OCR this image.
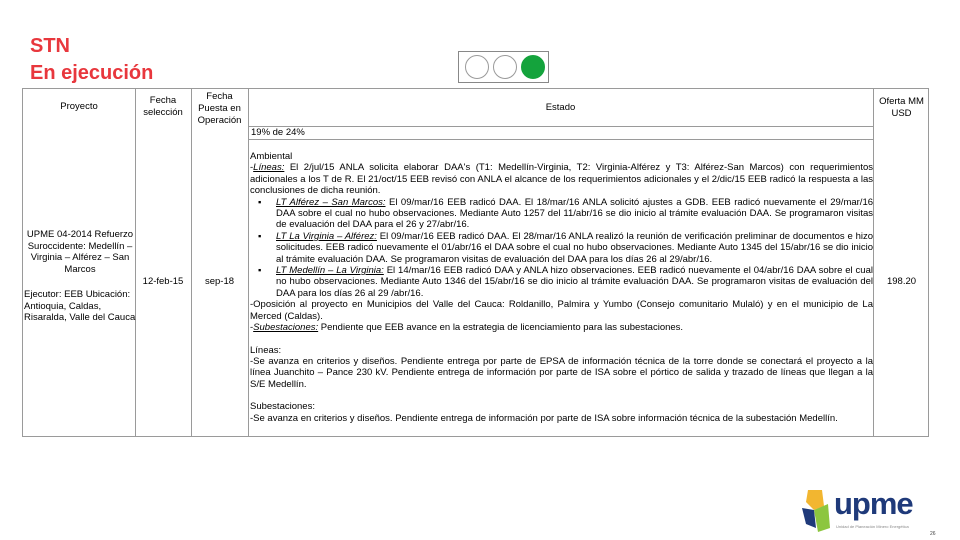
STN
En ejecución
Proyecto
Fecha selección
Fecha Puesta en Operación
Estado
Oferta MM USD
19% de 24%
UPME 04-2014 Refuerzo Suroccidente: Medellín – Virginia – Alférez – San Marcos
Ejecutor: EEB Ubicación: Antioquia, Caldas, Risaralda, Valle del Cauca
12-feb-15	sep-18	198.20

Ambiental

-Líneas: El 2/jul/15 ANLA solicita elaborar DAA's (T1: Medellín-Virginia, T2: Virginia-Alférez y T3: Alférez-San Marcos) con requerimientos adicionales a los T de R. El 21/oct/15 EEB revisó con ANLA el alcance de los requerimientos adicionales y el 2/dic/15 EEB radicó la respuesta a las conclusiones de dicha reunión.

▪ LT Alférez – San Marcos: El 09/mar/16 EEB radicó DAA. El 18/mar/16 ANLA solicitó ajustes a GDB. EEB radicó nuevamente el 29/mar/16 DAA sobre el cual no hubo observaciones. Mediante Auto 1257 del 11/abr/16 se dio inicio al trámite evaluación DAA. Se programaron visitas de evaluación del DAA para el 26 y 27/abr/16.
▪ LT La Virginia – Alférez: El 09/mar/16 EEB radicó DAA. El 28/mar/16 ANLA realizó la reunión de verificación preliminar de documentos e hizo solicitudes. EEB radicó nuevamente el 01/abr/16 el DAA sobre el cual no hubo observaciones. Mediante Auto 1345 del 15/abr/16 se dio inicio al trámite evaluación DAA. Se programaron visitas de evaluación del DAA para los días 26 al 29/abr/16.
▪ LT Medellín – La Virginia: El 14/mar/16 EEB radicó DAA y ANLA hizo observaciones. EEB radicó nuevamente el 04/abr/16 DAA sobre el cual no hubo observaciones. Mediante Auto 1346 del 15/abr/16 se dio inicio al trámite evaluación DAA. Se programaron visitas de evaluación del DAA para los días 26 al 29 /abr/16.

-Oposición al proyecto en Municipios del Valle del Cauca: Roldanillo, Palmira y Yumbo (Consejo comunitario Mulaló) y en el municipio de La Merced (Caldas).

-Subestaciones: Pendiente que EEB avance en la estrategia de licenciamiento para las subestaciones.

Líneas:

-Se avanza en criterios y diseños. Pendiente entrega por parte de EPSA de información técnica de la torre donde se conectará el proyecto a la línea Juanchito – Pance 230 kV. Pendiente entrega de información por parte de ISA sobre el pórtico de salida y trazado de líneas que llegan a la S/E Medellín.

Subestaciones:

-Se avanza en criterios y diseños. Pendiente entrega de información por parte de ISA sobre información técnica de la subestación Medellín.

upme
Unidad de Planeación Minero Energética
26
